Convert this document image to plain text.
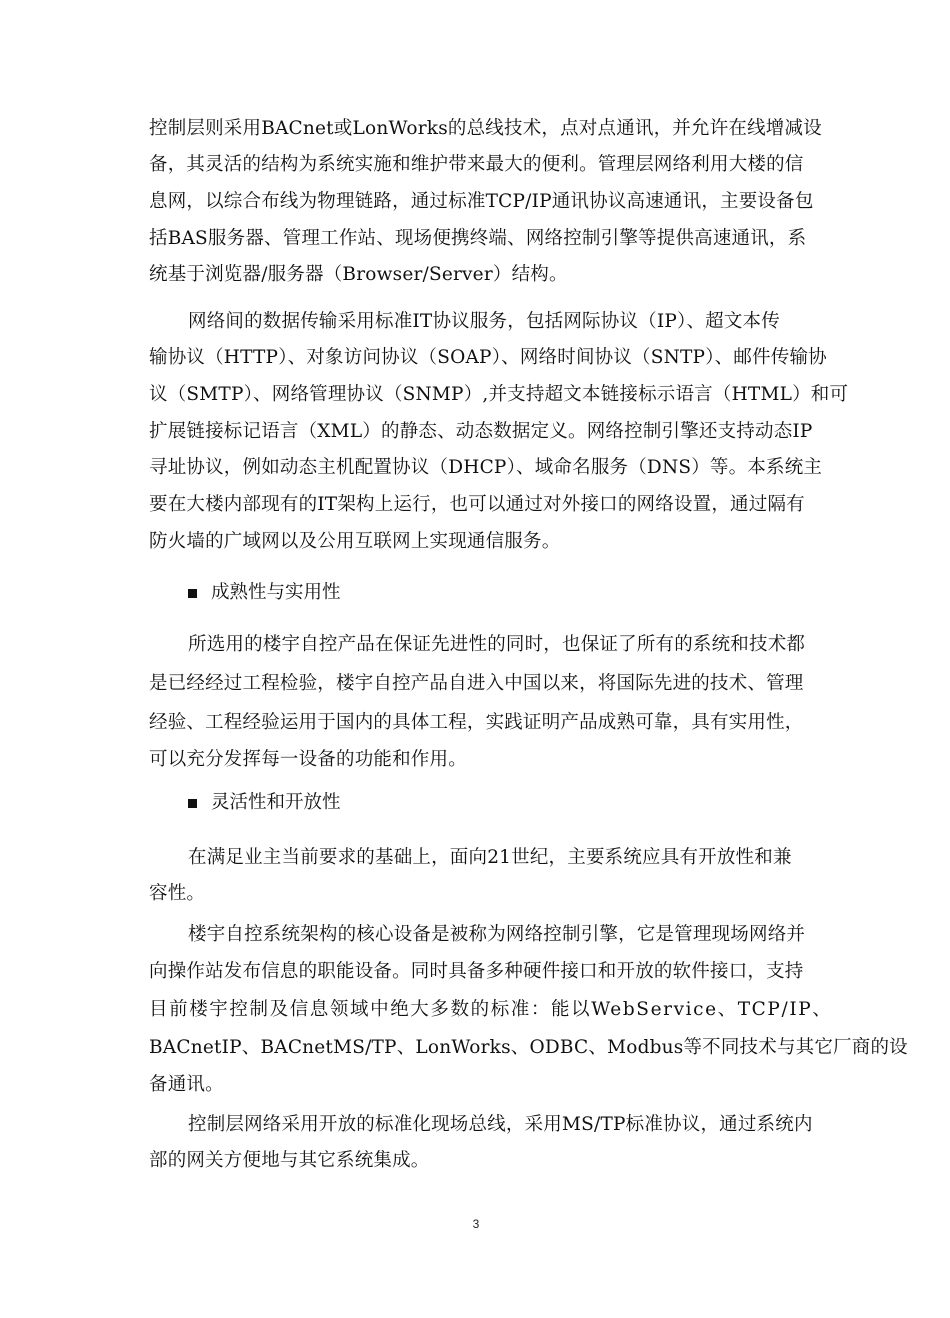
控制层则采用BACnet或LonWorks的总线技术，点对点通讯，并允许在线增减设
备，其灵活的结构为系统实施和维护带来最大的便利。管理层网络利用大楼的信
息网，以综合布线为物理链路，通过标准TCP/IP通讯协议高速通讯，主要设备包
括BAS服务器、管理工作站、现场便携终端、网络控制引擎等提供高速通讯，系
统基于浏览器/服务器（Browser/Server）结构。
网络间的数据传输采用标准IT协议服务，包括网际协议（IP）、超文本传
输协议（HTTP）、对象访问协议（SOAP）、网络时间协议（SNTP）、邮件传输协
议（SMTP）、网络管理协议（SNMP）,并支持超文本链接标示语言（HTML）和可
扩展链接标记语言（XML）的静态、动态数据定义。网络控制引擎还支持动态IP
寻址协议，例如动态主机配置协议（DHCP）、域命名服务（DNS）等。本系统主
要在大楼内部现有的IT架构上运行，也可以通过对外接口的网络设置，通过隔有
防火墙的广域网以及公用互联网上实现通信服务。
成熟性与实用性
所选用的楼宇自控产品在保证先进性的同时，也保证了所有的系统和技术都
是已经经过工程检验，楼宇自控产品自进入中国以来，将国际先进的技术、管理
经验、工程经验运用于国内的具体工程，实践证明产品成熟可靠，具有实用性，
可以充分发挥每一设备的功能和作用。
灵活性和开放性
在满足业主当前要求的基础上，面向21世纪，主要系统应具有开放性和兼
容性。
楼宇自控系统架构的核心设备是被称为网络控制引擎，它是管理现场网络并
向操作站发布信息的职能设备。同时具备多种硬件接口和开放的软件接口，支持
目前楼宇控制及信息领域中绝大多数的标准：能以WebService、TCP/IP、
BACnetIP、BACnetMS/TP、LonWorks、ODBC、Modbus等不同技术与其它厂商的设
备通讯。
控制层网络采用开放的标准化现场总线，采用MS/TP标准协议，通过系统内
部的网关方便地与其它系统集成。
3
